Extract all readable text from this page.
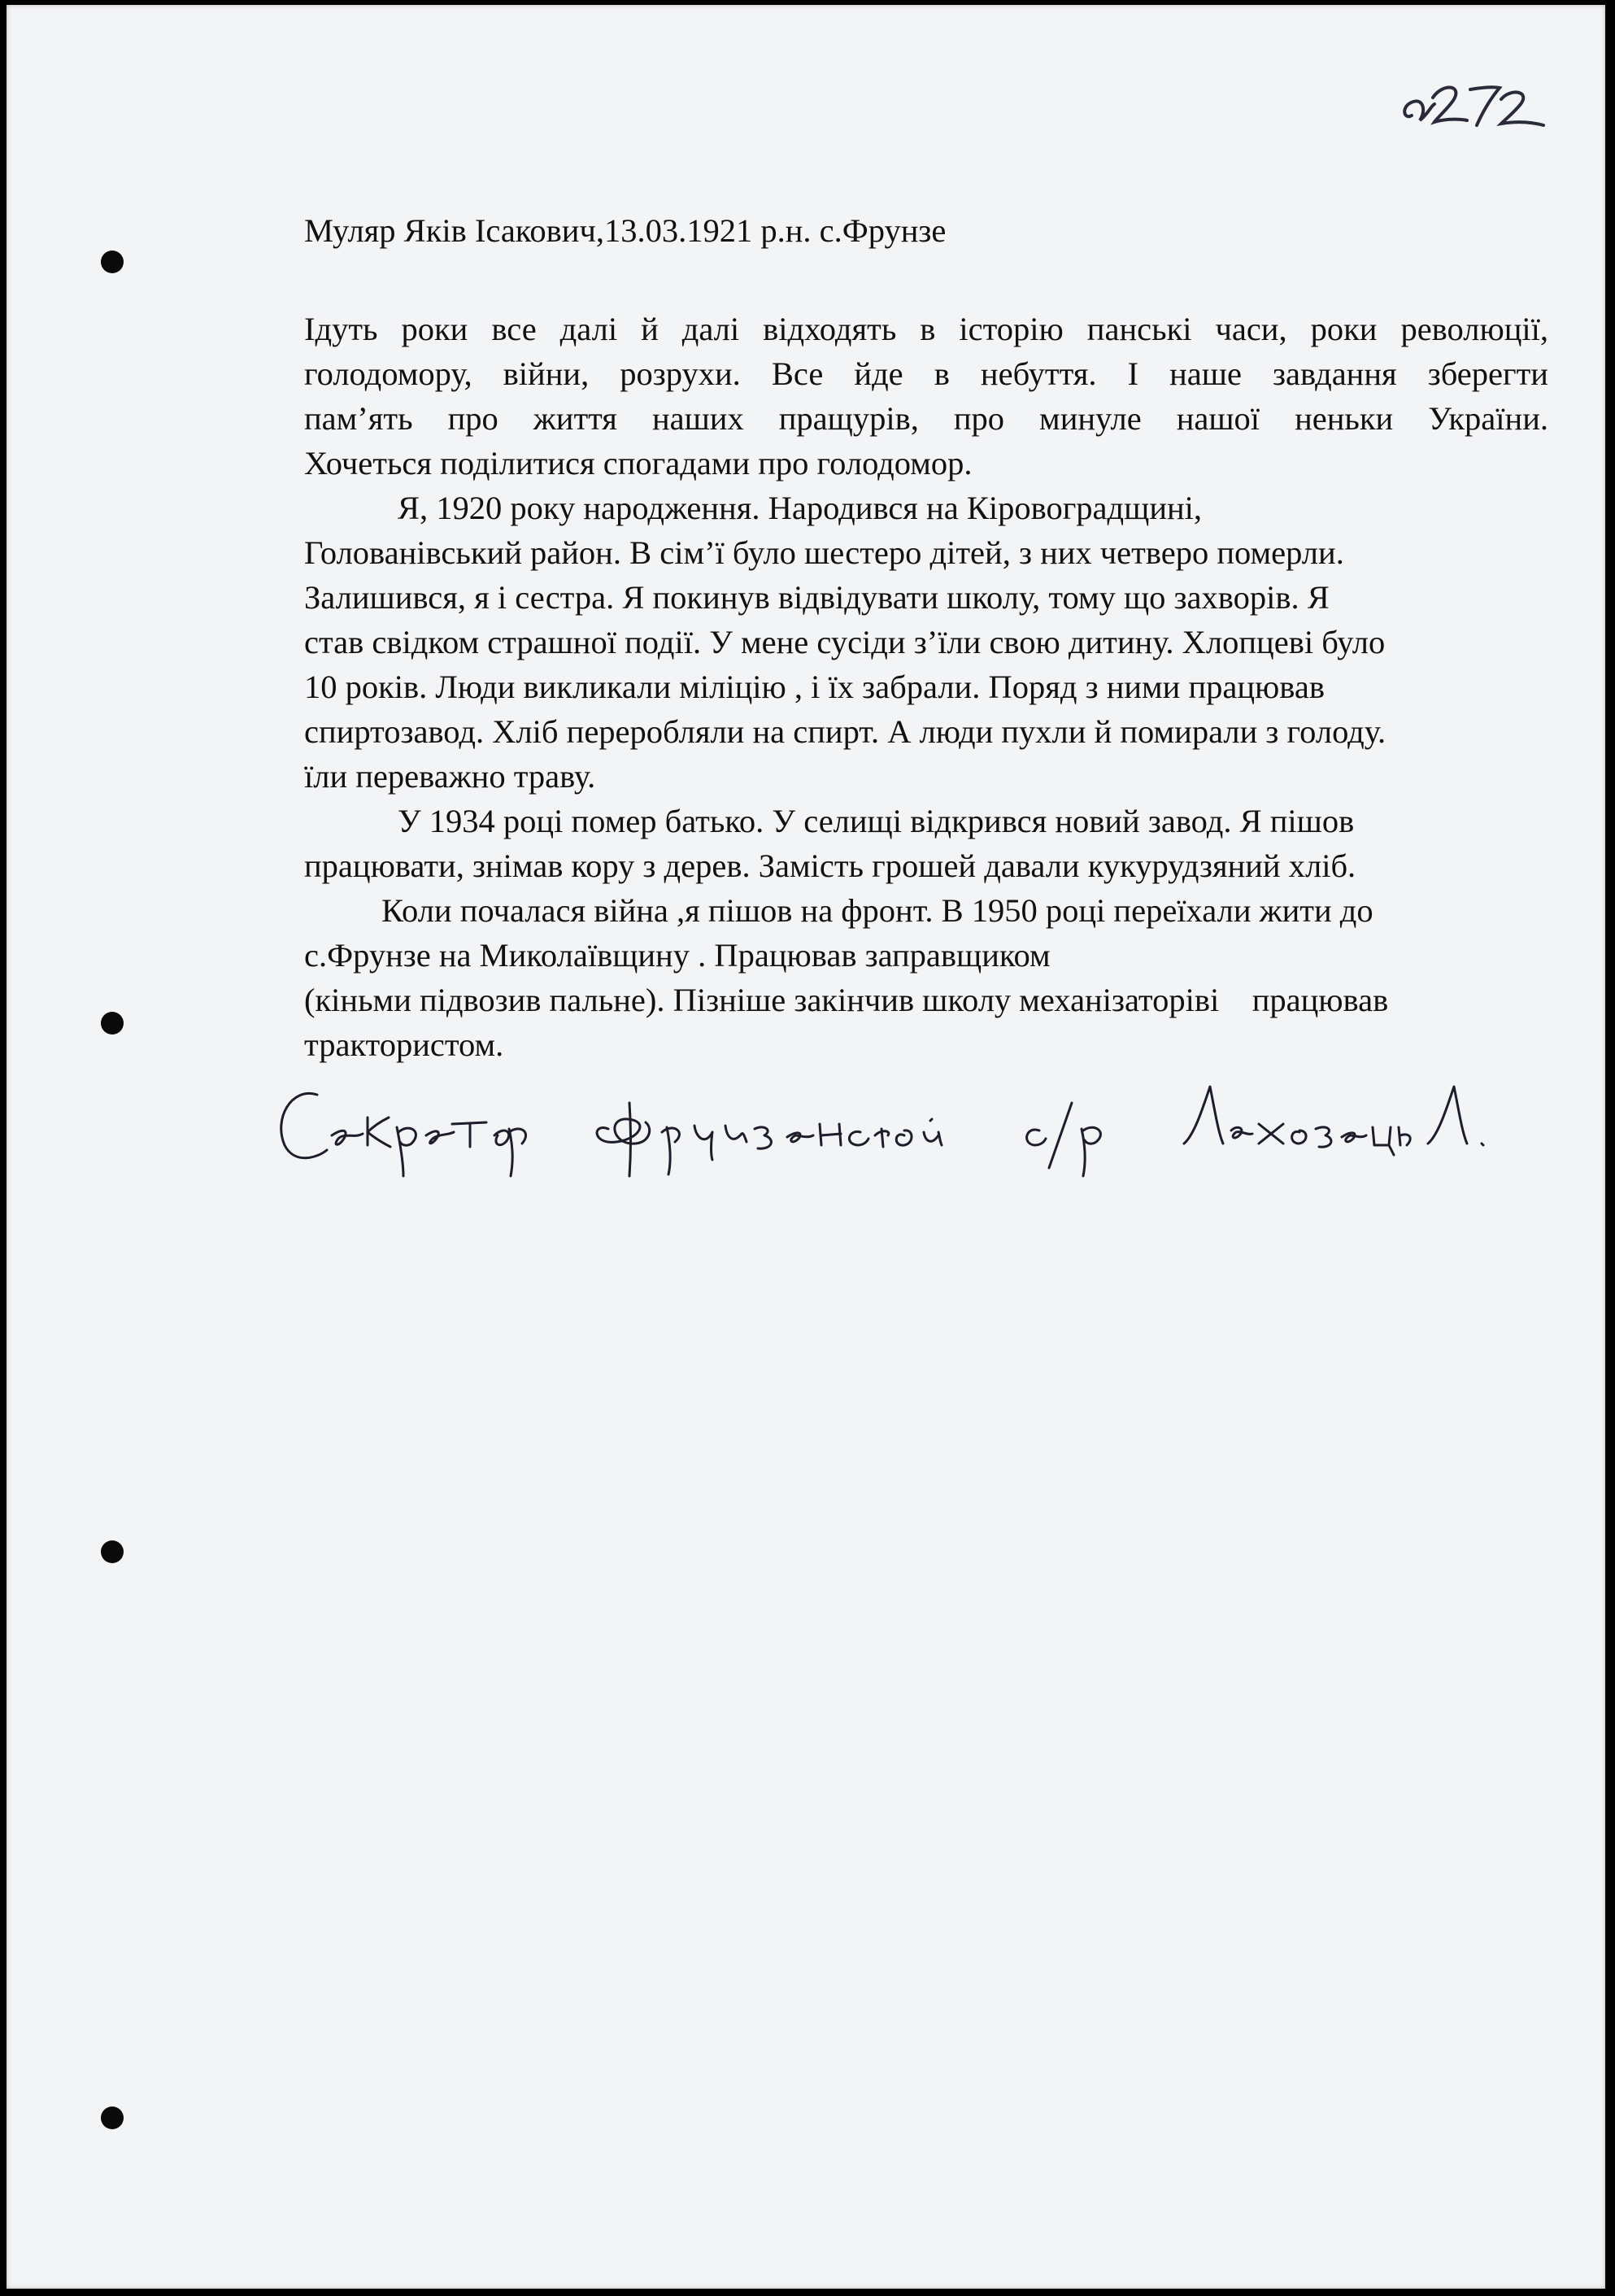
Муляр Яків Ісакович,13.03.1921 р.н. с.Фрунзе
Ідуть роки все далі й далі відходять в історію панські часи, роки революції,
голодомору, війни, розрухи. Все йде в небуття. І наше завдання зберегти
пам’ять про життя наших пращурів, про минуле нашої неньки України.
Хочеться поділитися спогадами про голодомор.
Я, 1920 року народження. Народився на Кіровоградщині,
Голованівський район. В сім’ї було шестеро дітей, з них четверо померли.
Залишився, я і сестра. Я покинув відвідувати школу, тому що захворів. Я
став свідком страшної події. У мене сусіди з’їли свою дитину. Хлопцеві було
10 років. Люди викликали міліцію , і їх забрали. Поряд з ними працював
спиртозавод. Хліб переробляли на спирт. А люди пухли й помирали з голоду.
їли переважно траву.
У 1934 році помер батько. У селищі відкрився новий завод. Я пішов
працювати, знімав кору з дерев. Замість грошей давали кукурудзяний хліб.
Коли почалася війна ,я пішов на фронт. В 1950 році переїхали жити до
с.Фрунзе на Миколаївщину . Працював заправщиком
(кіньми підвозив пальне). Пізніше закінчив школу механізаторіві    працював
трактористом.
